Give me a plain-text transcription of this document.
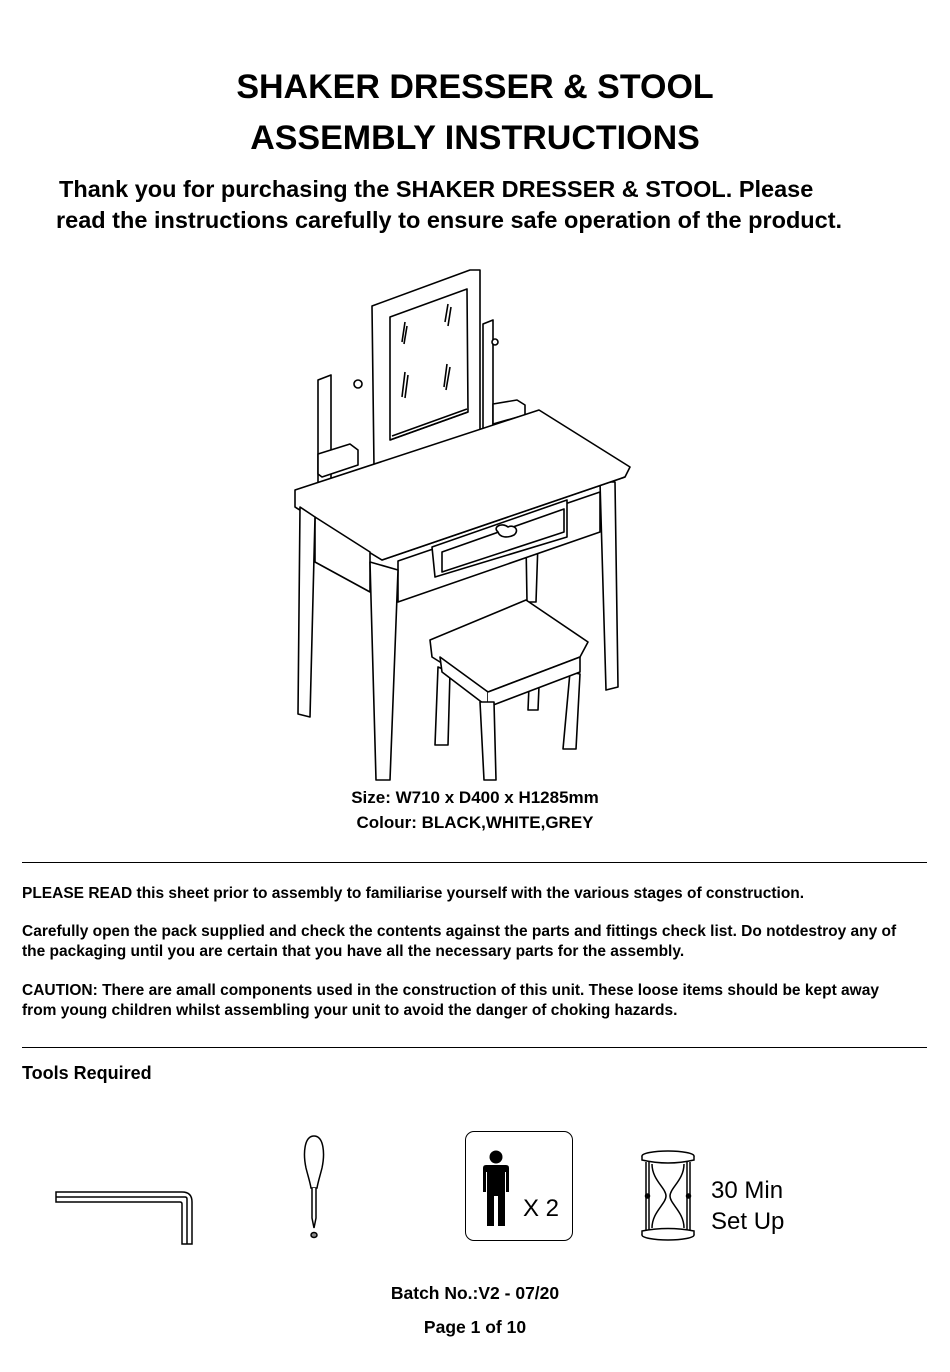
SHAKER DRESSER & STOOL
ASSEMBLY INSTRUCTIONS
Thank you for purchasing the SHAKER DRESSER & STOOL. Please
read the instructions carefully to ensure safe operation of the product.
Size: W710 x D400 x H1285mm
Colour: BLACK,WHITE,GREY
PLEASE READ this sheet prior to assembly to familiarise yourself with the various stages of construction.
Carefully open the pack supplied and check the contents against the parts and fittings check list. Do notdestroy any of
the packaging until you are certain that you have all the necessary parts for the assembly.
CAUTION: There are amall components used in the construction of this unit. These loose items should be kept away
from young children whilst assembling your unit to avoid the danger of choking hazards.
Tools Required
X 2
30 Min
Set Up
Batch No.:V2 - 07/20
Page 1 of 10
